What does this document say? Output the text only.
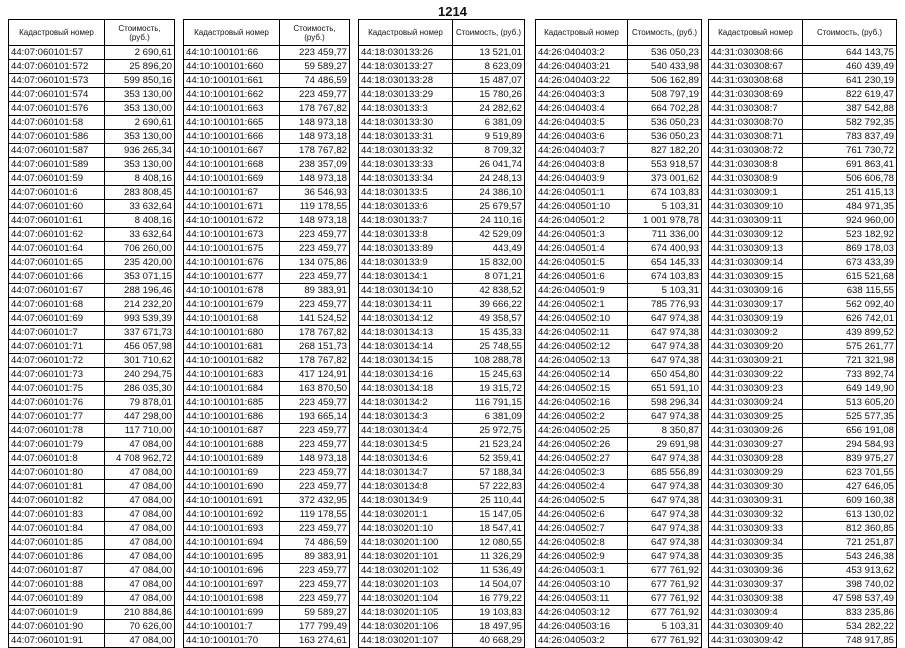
1214
Кадастровый номер	Стоимость, (руб.)
44:07:060101:57	2 690,61
44:07:060101:572	25 896,20
44:07:060101:573	599 850,16
44:07:060101:574	353 130,00
44:07:060101:576	353 130,00
44:07:060101:58	2 690,61
44:07:060101:586	353 130,00
44:07:060101:587	936 265,34
44:07:060101:589	353 130,00
44:07:060101:59	8 408,16
44:07:060101:6	283 808,45
44:07:060101:60	33 632,64
44:07:060101:61	8 408,16
44:07:060101:62	33 632,64
44:07:060101:64	706 260,00
44:07:060101:65	235 420,00
44:07:060101:66	353 071,15
44:07:060101:67	288 196,46
44:07:060101:68	214 232,20
44:07:060101:69	993 539,39
44:07:060101:7	337 671,73
44:07:060101:71	456 057,98
44:07:060101:72	301 710,62
44:07:060101:73	240 294,75
44:07:060101:75	286 035,30
44:07:060101:76	79 878,01
44:07:060101:77	447 298,00
44:07:060101:78	117 710,00
44:07:060101:79	47 084,00
44:07:060101:8	4 708 962,72
44:07:060101:80	47 084,00
44:07:060101:81	47 084,00
44:07:060101:82	47 084,00
44:07:060101:83	47 084,00
44:07:060101:84	47 084,00
44:07:060101:85	47 084,00
44:07:060101:86	47 084,00
44:07:060101:87	47 084,00
44:07:060101:88	47 084,00
44:07:060101:89	47 084,00
44:07:060101:9	210 884,86
44:07:060101:90	70 626,00
44:07:060101:91	47 084,00
Кадастровый номер	Стоимость, (руб.)
44:10:100101:66	223 459,77
44:10:100101:660	59 589,27
44:10:100101:661	74 486,59
44:10:100101:662	223 459,77
44:10:100101:663	178 767,82
44:10:100101:665	148 973,18
44:10:100101:666	148 973,18
44:10:100101:667	178 767,82
44:10:100101:668	238 357,09
44:10:100101:669	148 973,18
44:10:100101:67	36 546,93
44:10:100101:671	119 178,55
44:10:100101:672	148 973,18
44:10:100101:673	223 459,77
44:10:100101:675	223 459,77
44:10:100101:676	134 075,86
44:10:100101:677	223 459,77
44:10:100101:678	89 383,91
44:10:100101:679	223 459,77
44:10:100101:68	141 524,52
44:10:100101:680	178 767,82
44:10:100101:681	268 151,73
44:10:100101:682	178 767,82
44:10:100101:683	417 124,91
44:10:100101:684	163 870,50
44:10:100101:685	223 459,77
44:10:100101:686	193 665,14
44:10:100101:687	223 459,77
44:10:100101:688	223 459,77
44:10:100101:689	148 973,18
44:10:100101:69	223 459,77
44:10:100101:690	223 459,77
44:10:100101:691	372 432,95
44:10:100101:692	119 178,55
44:10:100101:693	223 459,77
44:10:100101:694	74 486,59
44:10:100101:695	89 383,91
44:10:100101:696	223 459,77
44:10:100101:697	223 459,77
44:10:100101:698	223 459,77
44:10:100101:699	59 589,27
44:10:100101:7	177 799,49
44:10:100101:70	163 274,61
Кадастровый номер	Стоимость, (руб.)
44:18:030133:26	13 521,01
44:18:030133:27	8 623,09
44:18:030133:28	15 487,07
44:18:030133:29	15 780,26
44:18:030133:3	24 282,62
44:18:030133:30	6 381,09
44:18:030133:31	9 519,89
44:18:030133:32	8 709,32
44:18:030133:33	26 041,74
44:18:030133:34	24 248,13
44:18:030133:5	24 386,10
44:18:030133:6	25 679,57
44:18:030133:7	24 110,16
44:18:030133:8	42 529,09
44:18:030133:89	443,49
44:18:030133:9	15 832,00
44:18:030134:1	8 071,21
44:18:030134:10	42 838,52
44:18:030134:11	39 666,22
44:18:030134:12	49 358,57
44:18:030134:13	15 435,33
44:18:030134:14	25 748,55
44:18:030134:15	108 288,78
44:18:030134:16	15 245,63
44:18:030134:18	19 315,72
44:18:030134:2	116 791,15
44:18:030134:3	6 381,09
44:18:030134:4	25 972,75
44:18:030134:5	21 523,24
44:18:030134:6	52 359,41
44:18:030134:7	57 188,34
44:18:030134:8	57 222,83
44:18:030134:9	25 110,44
44:18:030201:1	15 147,05
44:18:030201:10	18 547,41
44:18:030201:100	12 080,55
44:18:030201:101	11 326,29
44:18:030201:102	11 536,49
44:18:030201:103	14 504,07
44:18:030201:104	16 779,22
44:18:030201:105	19 103,83
44:18:030201:106	18 497,95
44:18:030201:107	40 668,29
Кадастровый номер	Стоимость, (руб.)
44:26:040403:2	536 050,23
44:26:040403:21	540 433,98
44:26:040403:22	506 162,89
44:26:040403:3	508 797,19
44:26:040403:4	664 702,28
44:26:040403:5	536 050,23
44:26:040403:6	536 050,23
44:26:040403:7	827 182,20
44:26:040403:8	553 918,57
44:26:040403:9	373 001,62
44:26:040501:1	674 103,83
44:26:040501:10	5 103,31
44:26:040501:2	1 001 978,78
44:26:040501:3	711 336,00
44:26:040501:4	674 400,93
44:26:040501:5	654 145,33
44:26:040501:6	674 103,83
44:26:040501:9	5 103,31
44:26:040502:1	785 776,93
44:26:040502:10	647 974,38
44:26:040502:11	647 974,38
44:26:040502:12	647 974,38
44:26:040502:13	647 974,38
44:26:040502:14	650 454,80
44:26:040502:15	651 591,10
44:26:040502:16	598 296,34
44:26:040502:2	647 974,38
44:26:040502:25	8 350,87
44:26:040502:26	29 691,98
44:26:040502:27	647 974,38
44:26:040502:3	685 556,89
44:26:040502:4	647 974,38
44:26:040502:5	647 974,38
44:26:040502:6	647 974,38
44:26:040502:7	647 974,38
44:26:040502:8	647 974,38
44:26:040502:9	647 974,38
44:26:040503:1	677 761,92
44:26:040503:10	677 761,92
44:26:040503:11	677 761,92
44:26:040503:12	677 761,92
44:26:040503:16	5 103,31
44:26:040503:2	677 761,92
Кадастровый номер	Стоимость, (руб.)
44:31:030308:66	644 143,75
44:31:030308:67	460 439,49
44:31:030308:68	641 230,19
44:31:030308:69	822 619,47
44:31:030308:7	387 542,88
44:31:030308:70	582 792,35
44:31:030308:71	783 837,49
44:31:030308:72	761 730,72
44:31:030308:8	691 863,41
44:31:030308:9	506 606,78
44:31:030309:1	251 415,13
44:31:030309:10	484 971,35
44:31:030309:11	924 960,00
44:31:030309:12	523 182,92
44:31:030309:13	869 178,03
44:31:030309:14	673 433,39
44:31:030309:15	615 521,68
44:31:030309:16	638 115,55
44:31:030309:17	562 092,40
44:31:030309:19	626 742,01
44:31:030309:2	439 899,52
44:31:030309:20	575 261,77
44:31:030309:21	721 321,98
44:31:030309:22	733 892,74
44:31:030309:23	649 149,90
44:31:030309:24	513 605,20
44:31:030309:25	525 577,35
44:31:030309:26	656 191,08
44:31:030309:27	294 584,93
44:31:030309:28	839 975,27
44:31:030309:29	623 701,55
44:31:030309:30	427 646,05
44:31:030309:31	609 160,38
44:31:030309:32	613 130,02
44:31:030309:33	812 360,85
44:31:030309:34	721 251,87
44:31:030309:35	543 246,38
44:31:030309:36	453 913,62
44:31:030309:37	398 740,02
44:31:030309:38	47 598 537,49
44:31:030309:4	833 235,86
44:31:030309:40	534 282,22
44:31:030309:42	748 917,85
